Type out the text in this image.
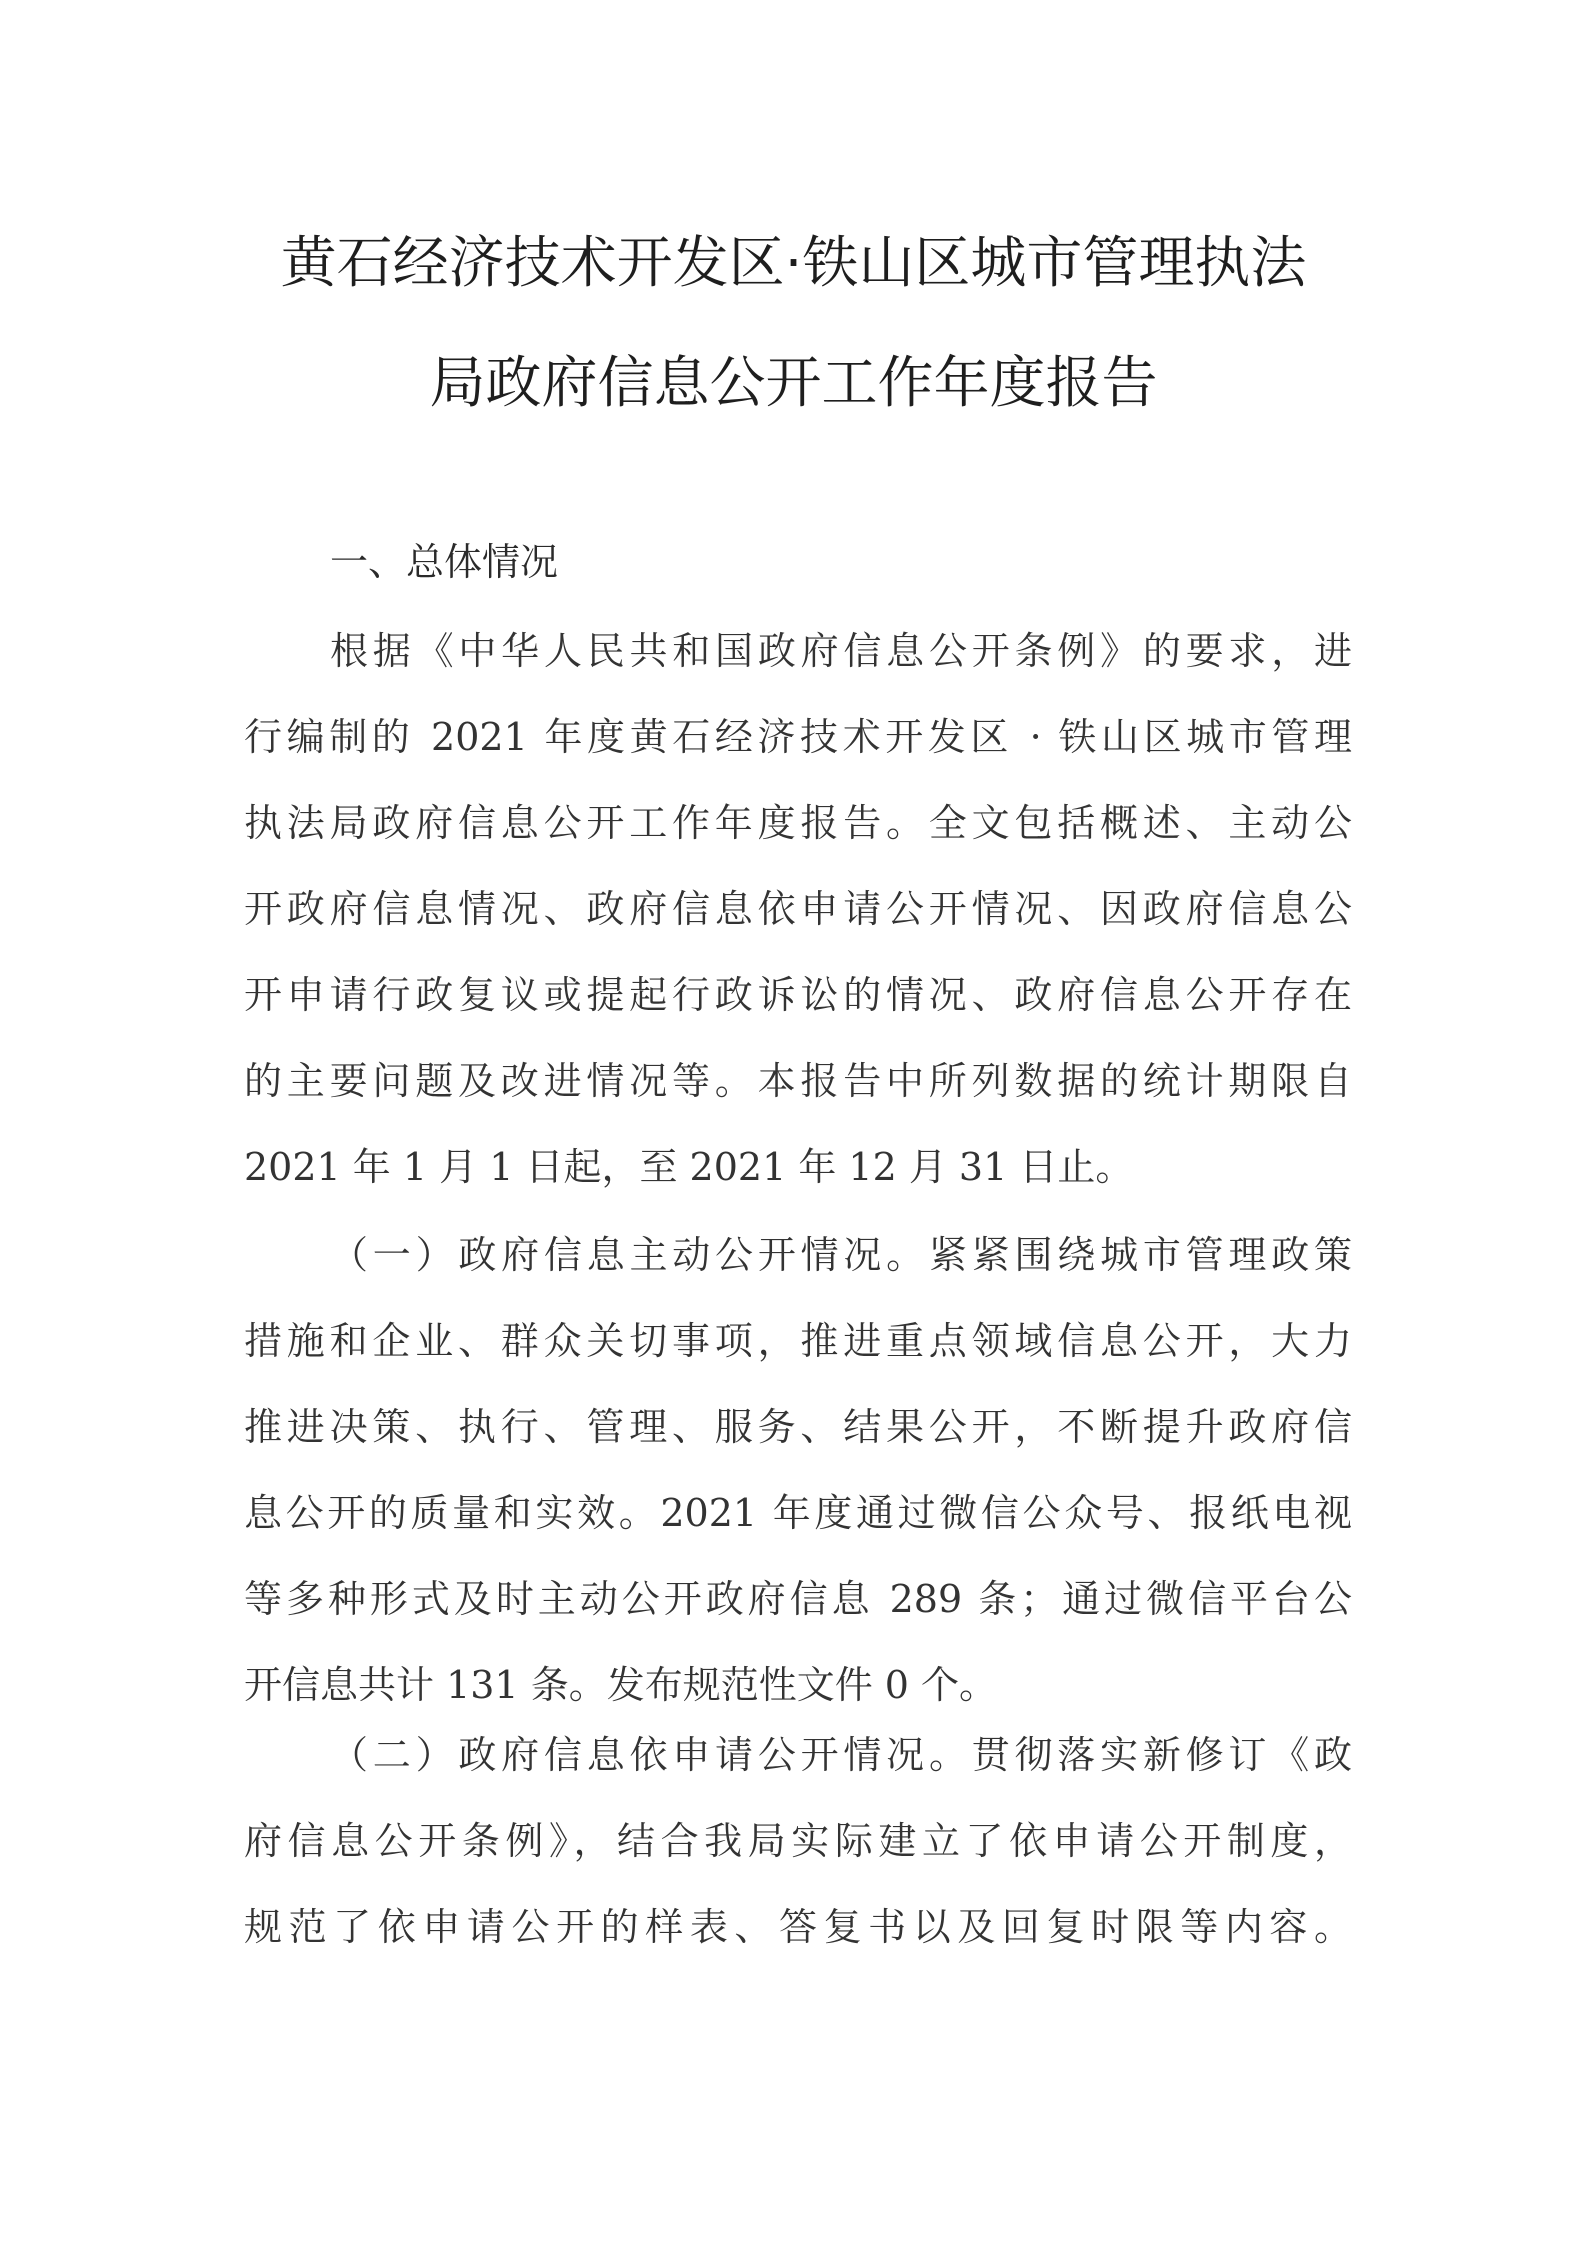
黄石经济技术开发区·铁山区城市管理执法
局政府信息公开工作年度报告
一、总体情况
根据《中华人民共和国政府信息公开条例》的要求，进
行编制的 2021 年度黄石经济技术开发区 · 铁山区城市管理
执法局政府信息公开工作年度报告。全文包括概述、主动公
开政府信息情况、政府信息依申请公开情况、因政府信息公
开申请行政复议或提起行政诉讼的情况、政府信息公开存在
的主要问题及改进情况等。本报告中所列数据的统计期限自
2021 年 1 月 1 日起，至 2021 年 12 月 31 日止。
（一）政府信息主动公开情况。紧紧围绕城市管理政策
措施和企业、群众关切事项，推进重点领域信息公开，大力
推进决策、执行、管理、服务、结果公开，不断提升政府信
息公开的质量和实效。2021 年度通过微信公众号、报纸电视
等多种形式及时主动公开政府信息 289 条；通过微信平台公
开信息共计 131 条。发布规范性文件 0 个。
（二）政府信息依申请公开情况。贯彻落实新修订《政
府信息公开条例》，结合我局实际建立了依申请公开制度，
规范了依申请公开的样表、答复书以及回复时限等内容。
